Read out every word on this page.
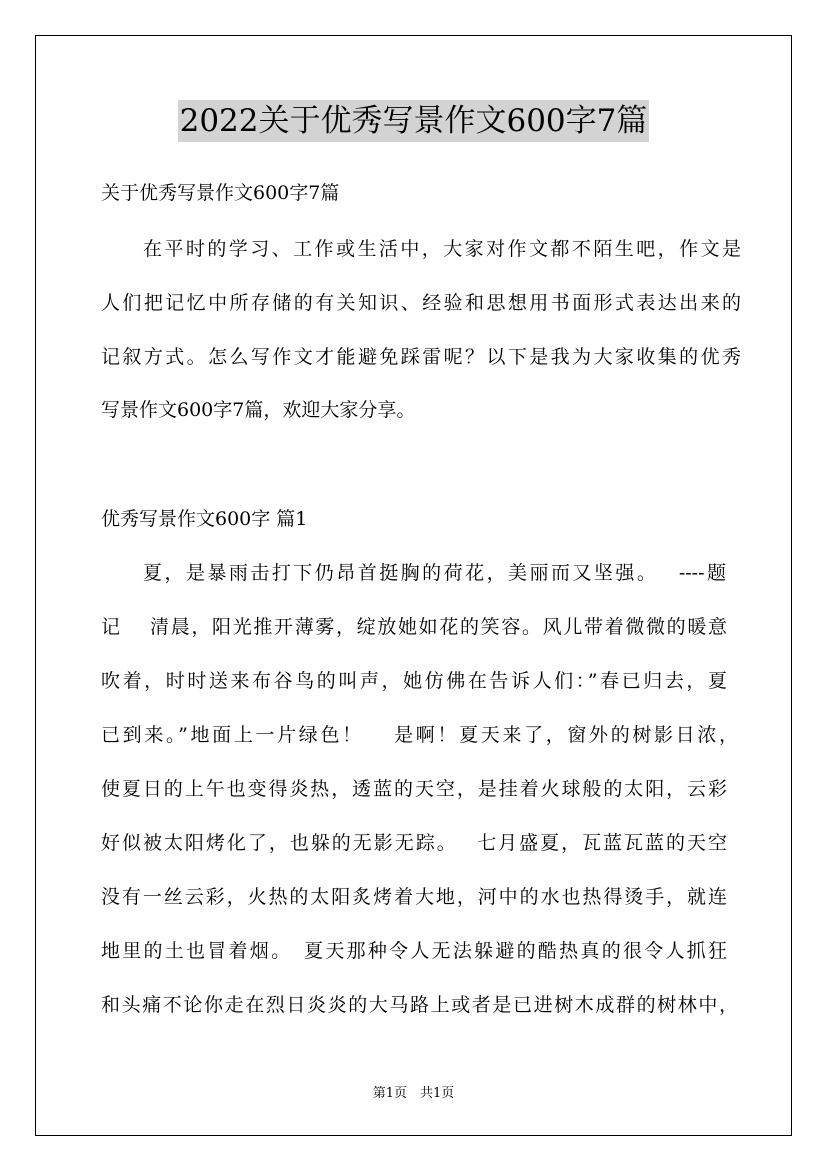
2022关于优秀写景作文600字7篇
关于优秀写景作文600字7篇
在平时的学习、工作或生活中，大家对作文都不陌生吧，作文是
人们把记忆中所存储的有关知识、经验和思想用书面形式表达出来的
记叙方式。怎么写作文才能避免踩雷呢？以下是我为大家收集的优秀
写景作文600字7篇，欢迎大家分享。
优秀写景作文600字 篇1
夏，是暴雨击打下仍昂首挺胸的荷花，美丽而又坚强。　 ----题
记　 清晨，阳光推开薄雾，绽放她如花的笑容。风儿带着微微的暖意
吹着，时时送来布谷鸟的叫声，她仿佛在告诉人们：”春已归去，夏
已到来。”地面上一片绿色！　 是啊！夏天来了，窗外的树影日浓，
使夏日的上午也变得炎热，透蓝的天空，是挂着火球般的太阳，云彩
好似被太阳烤化了，也躲的无影无踪。　 七月盛夏，瓦蓝瓦蓝的天空
没有一丝云彩，火热的太阳炙烤着大地，河中的水也热得烫手，就连
地里的土也冒着烟。　夏天那种令人无法躲避的酷热真的很令人抓狂
和头痛不论你走在烈日炎炎的大马路上或者是已进树木成群的树林中，
第1页　共1页
